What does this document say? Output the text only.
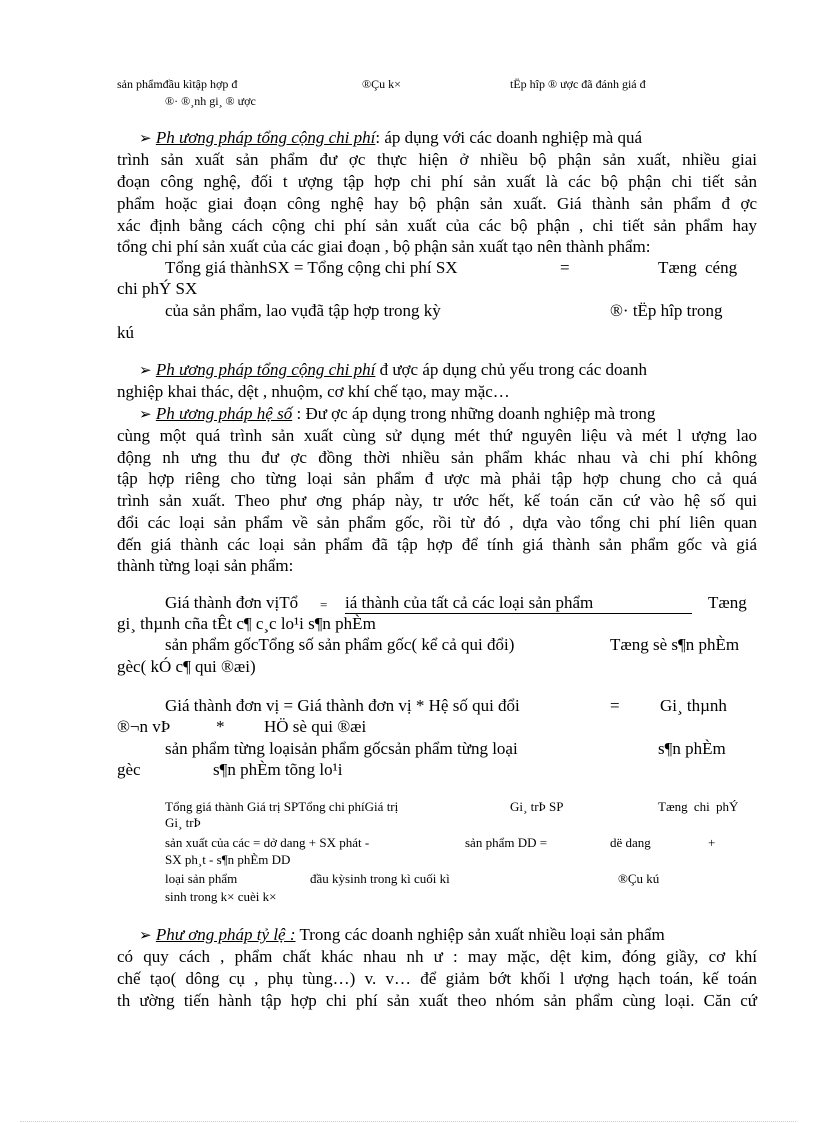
sản phẩmđầu kìtập hợp đ	®Çu k×	tËp hîp ® ược đã đánh giá đ
®· ®¸nh gi¸ ® ược
➢ Ph ương pháp tổng cộng chi phí: áp dụng với các doanh nghiệp mà quá
trình sản xuất sản phẩm đư ợc thực hiện ở nhiều bộ phận sản xuất, nhiều giai
đoạn công nghệ, đối t ượng tập hợp chi phí sản xuất là các bộ phận chi tiết sản
phẩm hoặc giai đoạn công nghệ hay bộ phận sản xuất. Giá thành sản phẩm đ ợc
xác định bằng cách cộng chi phí sản xuất của các bộ phận , chi tiết sản phẩm hay
tổng chi phí sản xuất của các giai đoạn , bộ phận sản xuất tạo nên thành phẩm:
Tổng giá thànhSX = Tổng cộng chi phí SX	=	Tæng céng
chi phÝ SX
của sản phẩm, lao vụđã tập hợp trong kỳ	®· tËp hîp trong
kú
➢ Ph ương pháp tổng cộng chi phí đ ược áp dụng chủ yếu trong các doanh
nghiệp khai thác, dệt , nhuộm, cơ khí chế tạo, may mặc…
➢ Ph ương pháp hệ số : Đư ợc áp dụng trong những doanh nghiệp mà trong
cùng một quá trình sản xuất cùng sử dụng mét thứ nguyên liệu và mét l ượng lao
động nh ưng thu đư ợc đồng thời nhiều sản phẩm khác nhau và chi phí không
tập hợp riêng cho từng loại sản phẩm đ ược mà phải tập hợp chung cho cả quá
trình sản xuất. Theo phư ơng pháp này, tr ước hết, kế toán căn cứ vào hệ số qui
đổi các loại sản phẩm về sản phẩm gốc, rồi từ đó , dựa vào tổng chi phí liên quan
đến giá thành các loại sản phẩm đã tập hợp để tính giá thành sản phẩm gốc và giá
thành từng loại sản phẩm:
Giá thành đơn vịTổ = iá thành của tất cả các loại sản phẩm	Tæng
gi¸ thµnh cña tÊt c¶ c¸c lo¹i s¶n phÈm
sản phẩm gốcTổng số sản phẩm gốc( kể cả qui đổi)	Tæng sè s¶n phÈm
gèc( kÓ c¶ qui ®æi)
Giá thành đơn vị = Giá thành đơn vị * Hệ số qui đổi	= Gi¸ thµnh
®¬n vÞ	* HÖ sè qui ®æi
sản phẩm từng loạisản phẩm gốcsản phẩm từng loại	s¶n phÈm
gèc	s¶n phÈm tõng lo¹i
Tổng giá thành Giá trị SPTổng chi phíGiá trị	Gi¸ trÞ SP	Tæng chi phÝ
Gi¸ trÞ
sản xuất của các = dở dang + SX phát -	sản phẩm DD =	dë dang	+
SX ph¸t - s¶n phÈm DD
loại sản phẩm	đầu kỳsinh trong kì cuối kì	®Çu kú
sinh trong k× cuèi k×
➢ Phư ơng pháp tỷ lệ : Trong các doanh nghiệp sản xuất nhiều loại sản phẩm
có quy cách , phẩm chất khác nhau nh ư : may mặc, dệt kim, đóng giầy, cơ khí
chế tạo( dông cụ , phụ tùng…) v. v… để giảm bớt khối l ượng hạch toán, kế toán
th ường tiến hành tập hợp chi phí sản xuất theo nhóm sản phẩm cùng loại. Căn cứ
